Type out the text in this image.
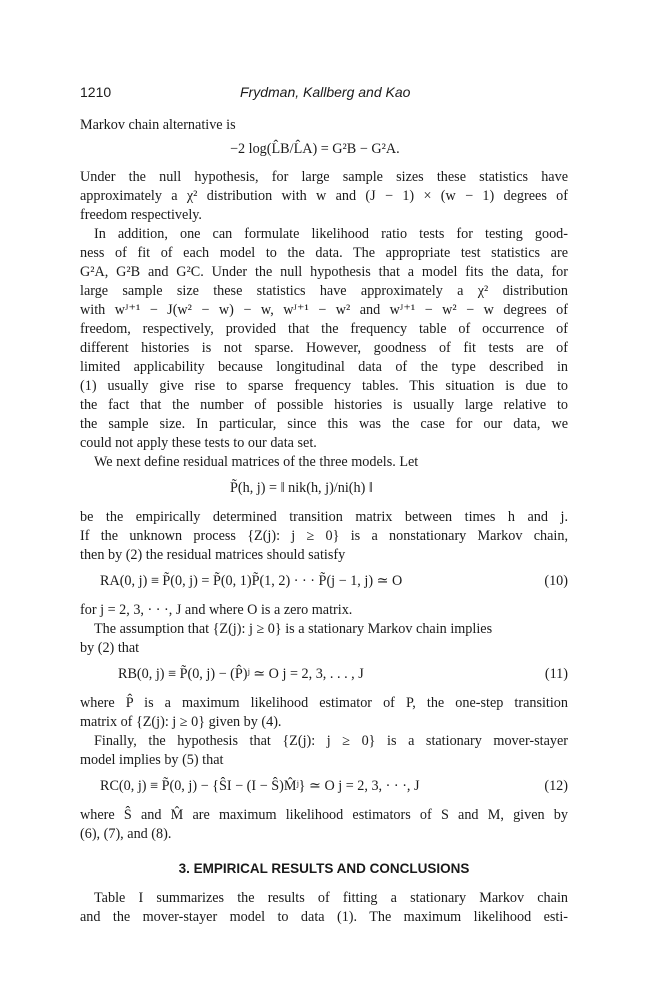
1210	Frydman, Kallberg and Kao
Markov chain alternative is
−2 log(L̂B/L̂A) = G²B − G²A.
Under the null hypothesis, for large sample sizes these statistics have
approximately a χ² distribution with w and (J − 1) × (w − 1) degrees of
freedom respectively.
In addition, one can formulate likelihood ratio tests for testing good-
ness of fit of each model to the data. The appropriate test statistics are
G²A, G²B and G²C. Under the null hypothesis that a model fits the data, for
large sample size these statistics have approximately a χ² distribution
with wᴶ⁺¹ − J(w² − w) − w, wᴶ⁺¹ − w² and wᴶ⁺¹ − w² − w degrees of
freedom, respectively, provided that the frequency table of occurrence of
different histories is not sparse. However, goodness of fit tests are of
limited applicability because longitudinal data of the type described in
(1) usually give rise to sparse frequency tables. This situation is due to
the fact that the number of possible histories is usually large relative to
the sample size. In particular, since this was the case for our data, we
could not apply these tests to our data set.
We next define residual matrices of the three models. Let
P̃(h, j) = ‖ nik(h, j)/ni(h) ‖
be the empirically determined transition matrix between times h and j.
If the unknown process {Z(j): j ≥ 0} is a nonstationary Markov chain,
then by (2) the residual matrices should satisfy
RA(0, j) ≡ P̃(0, j) = P̃(0, 1)P̃(1, 2) · · · P̃(j − 1, j) ≃ O	(10)
for j = 2, 3, · · ·, J and where O is a zero matrix.
The assumption that {Z(j): j ≥ 0} is a stationary Markov chain implies
by (2) that
RB(0, j) ≡ P̃(0, j) − (P̂)ʲ ≃ O j = 2, 3, . . . , J	(11)
where P̂ is a maximum likelihood estimator of P, the one-step transition
matrix of {Z(j): j ≥ 0} given by (4).
Finally, the hypothesis that {Z(j): j ≥ 0} is a stationary mover-stayer
model implies by (5) that
RC(0, j) ≡ P̃(0, j) − {ŜI − (I − Ŝ)M̂ʲ} ≃ O j = 2, 3, · · ·, J	(12)
where Ŝ and M̂ are maximum likelihood estimators of S and M, given by
(6), (7), and (8).
3. EMPIRICAL RESULTS AND CONCLUSIONS
Table I summarizes the results of fitting a stationary Markov chain
and the mover-stayer model to data (1). The maximum likelihood esti-
